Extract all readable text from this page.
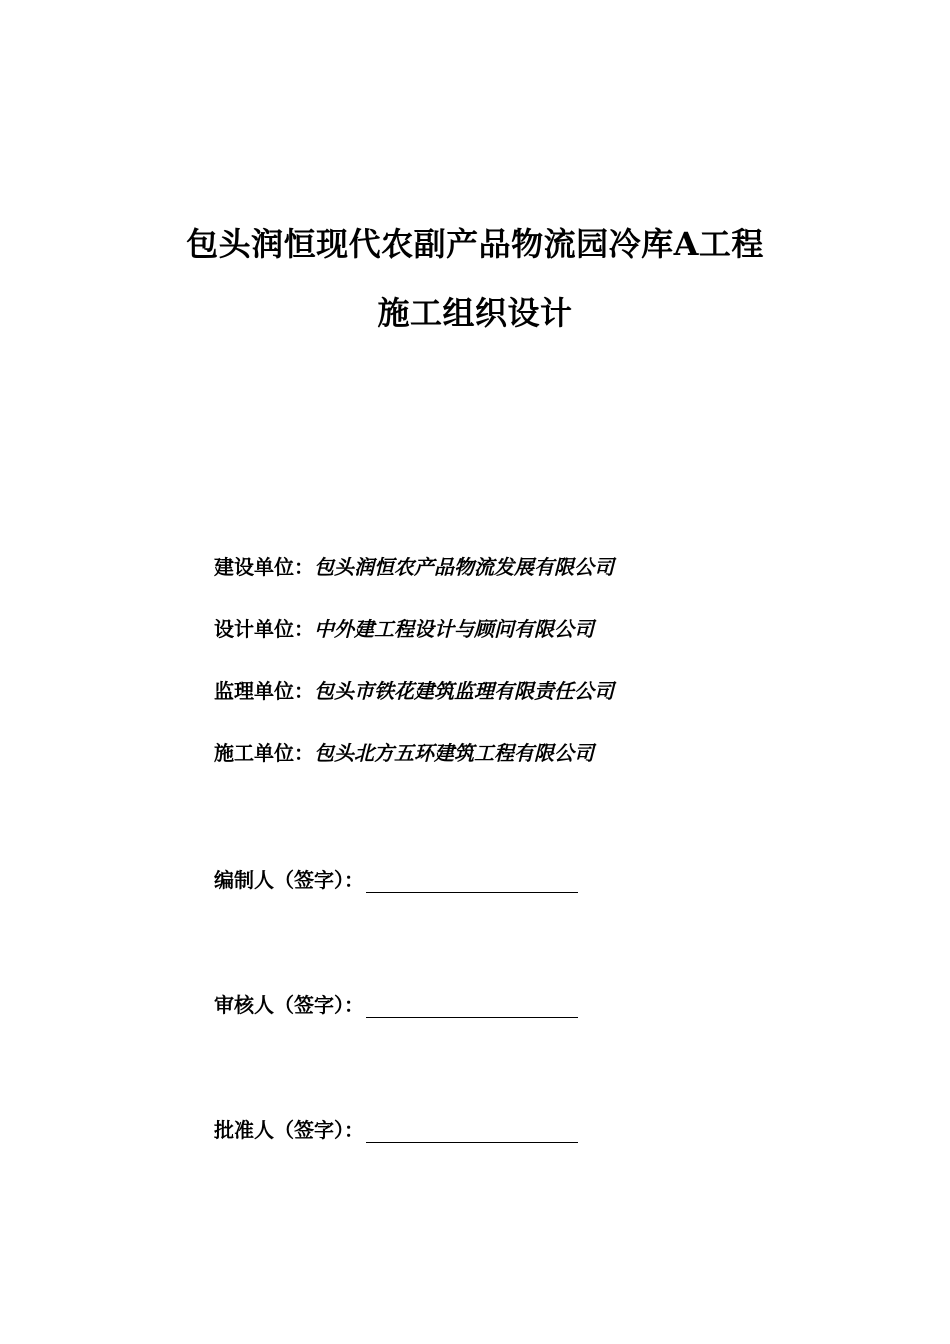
包头润恒现代农副产品物流园冷库A工程
施工组织设计
建设单位：包头润恒农产品物流发展有限公司
设计单位：中外建工程设计与顾问有限公司
监理单位：包头市铁花建筑监理有限责任公司
施工单位：包头北方五环建筑工程有限公司
编制人（签字）：
审核人（签字）：
批准人（签字）：
